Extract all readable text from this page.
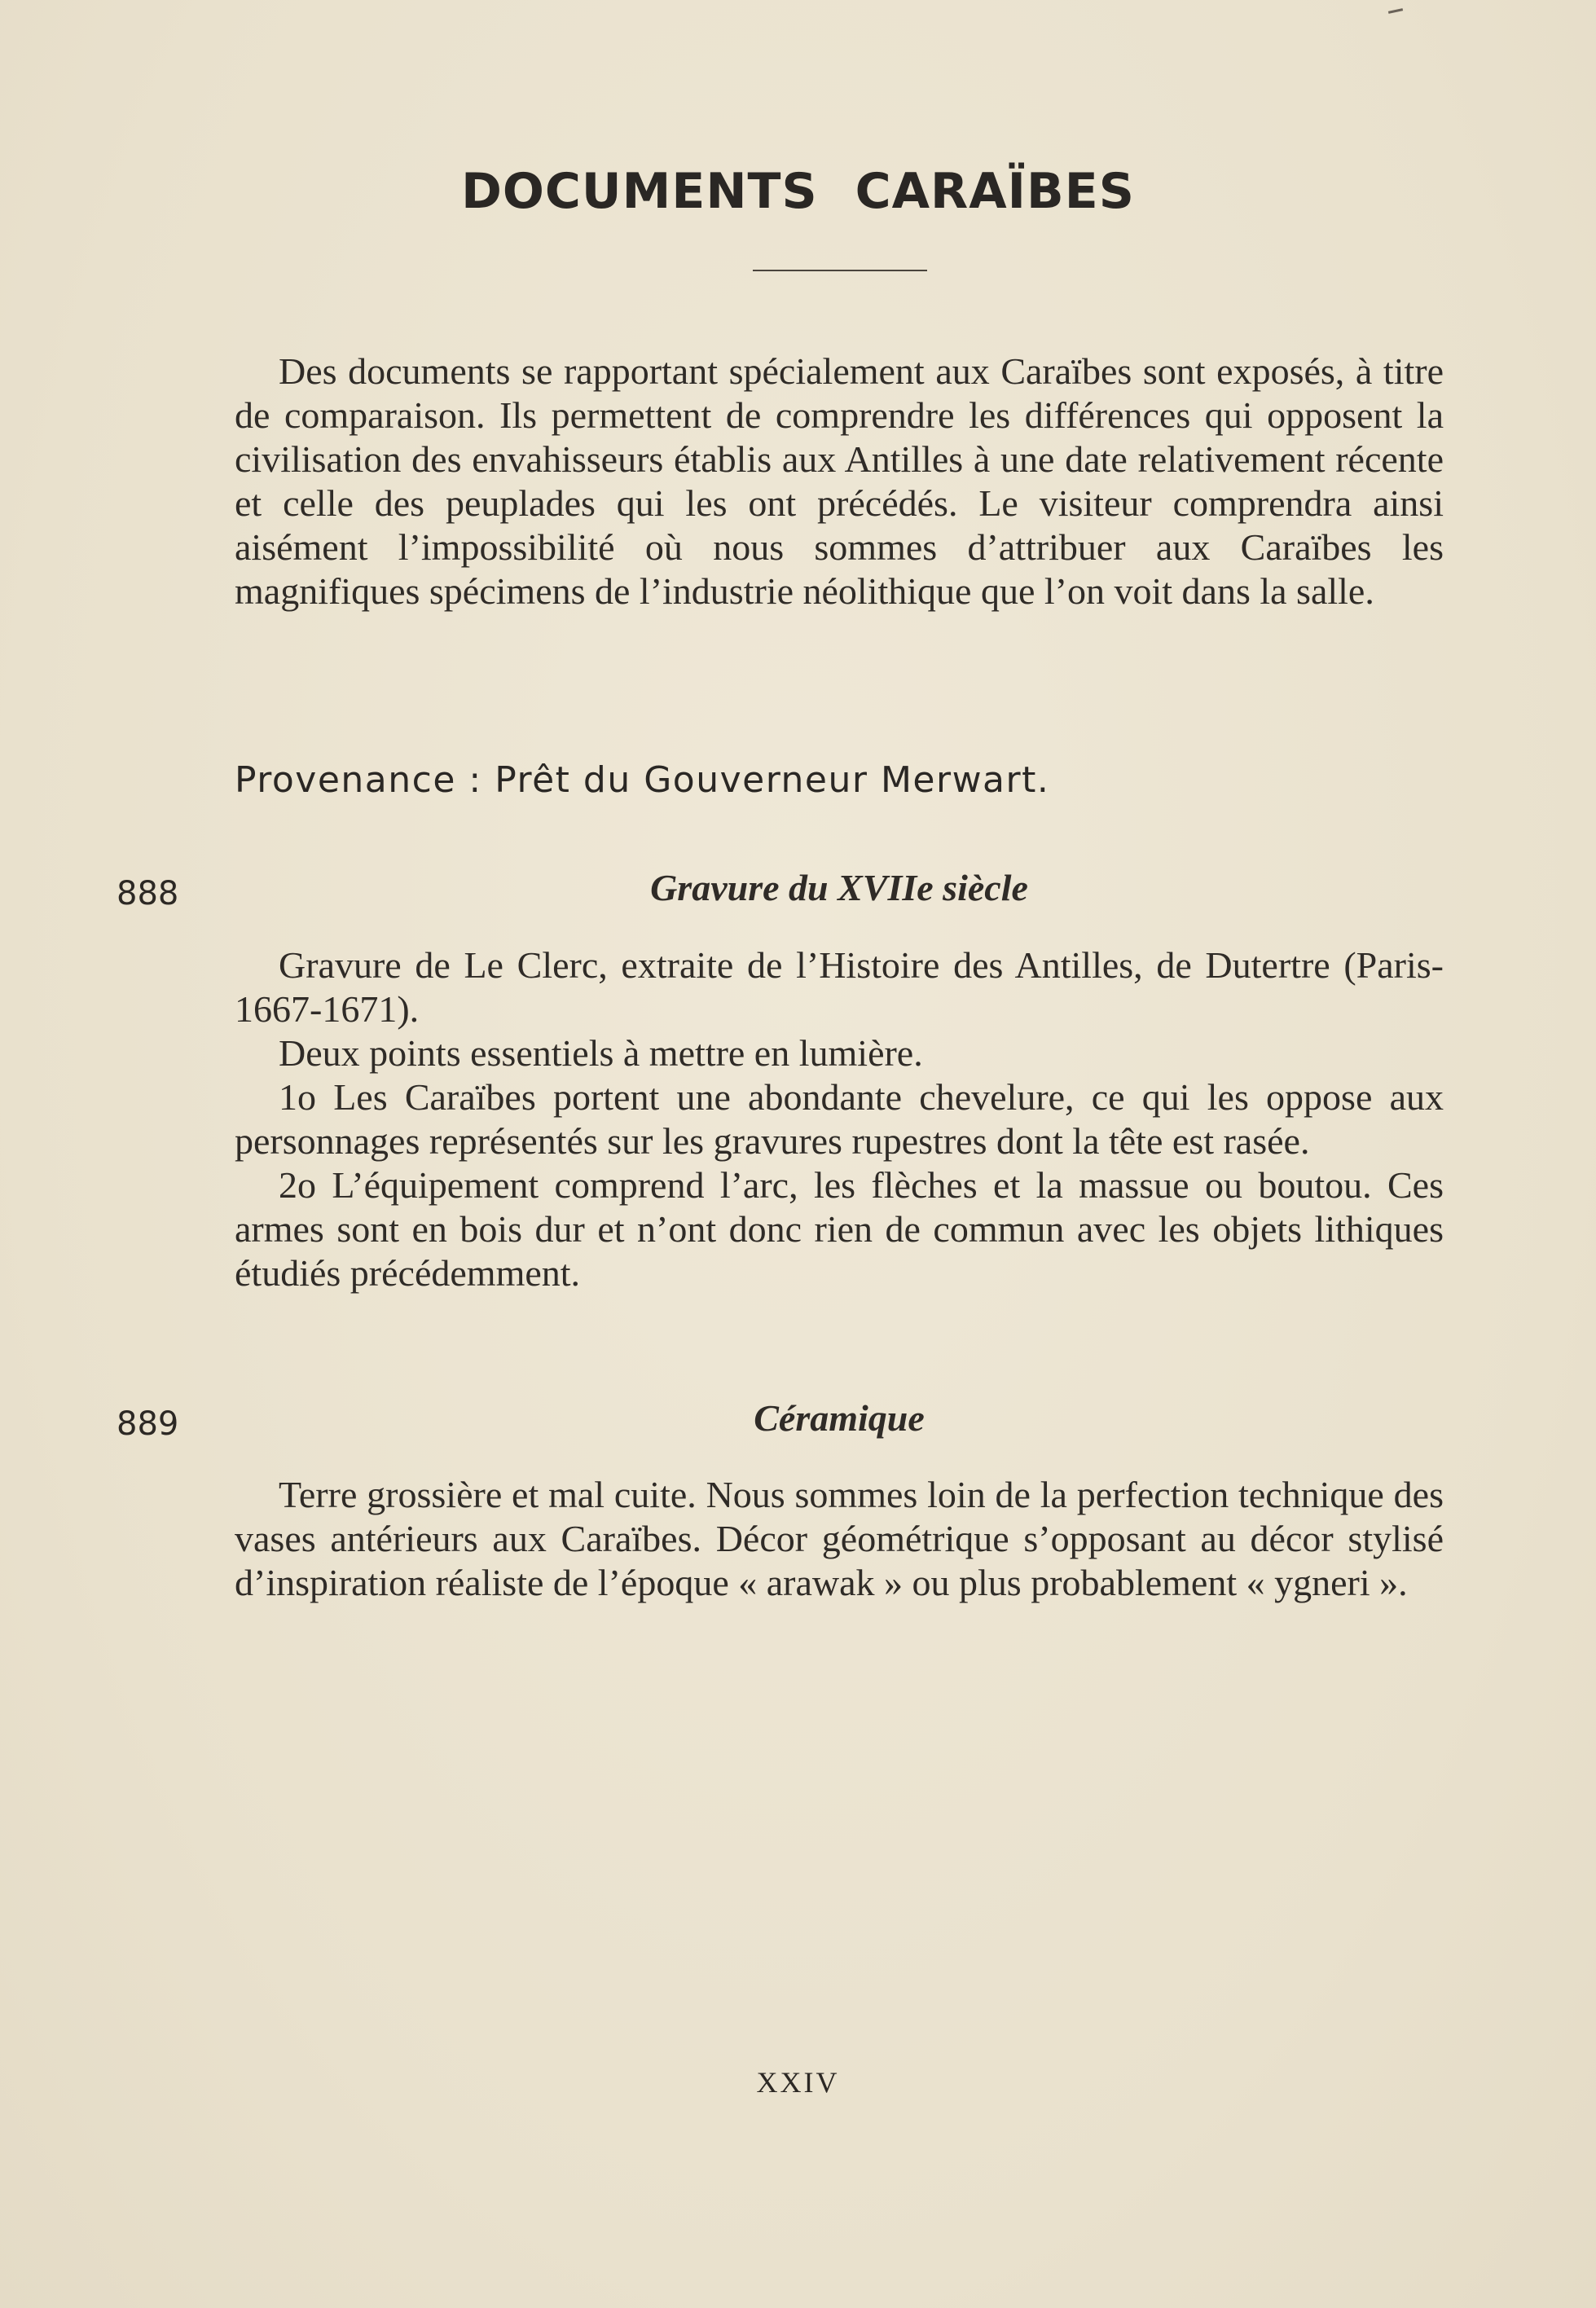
DOCUMENTS CARAÏBES

Des documents se rapportant spécialement aux Caraïbes sont exposés, à titre de comparaison. Ils permettent de comprendre les différences qui opposent la civilisation des envahisseurs établis aux Antilles à une date relativement récente et celle des peuplades qui les ont précédés. Le visiteur comprendra ainsi aisément l’impossibilité où nous sommes d’attribuer aux Caraïbes les magnifiques spécimens de l’industrie néolithique que l’on voit dans la salle.

Provenance : Prêt du Gouverneur Merwart.

888	Gravure du XVIIe siècle

Gravure de Le Clerc, extraite de l’Histoire des Antilles, de Dutertre (Paris-1667-1671).

Deux points essentiels à mettre en lumière.

1o Les Caraïbes portent une abondante chevelure, ce qui les oppose aux personnages représentés sur les gravures rupestres dont la tête est rasée.

2o L’équipement comprend l’arc, les flèches et la massue ou boutou. Ces armes sont en bois dur et n’ont donc rien de commun avec les objets lithiques étudiés précédemment.

889	Céramique

Terre grossière et mal cuite. Nous sommes loin de la perfection technique des vases antérieurs aux Caraïbes. Décor géométrique s’opposant au décor stylisé d’inspiration réaliste de l’époque « arawak » ou plus probablement « ygneri ».

XXIV
